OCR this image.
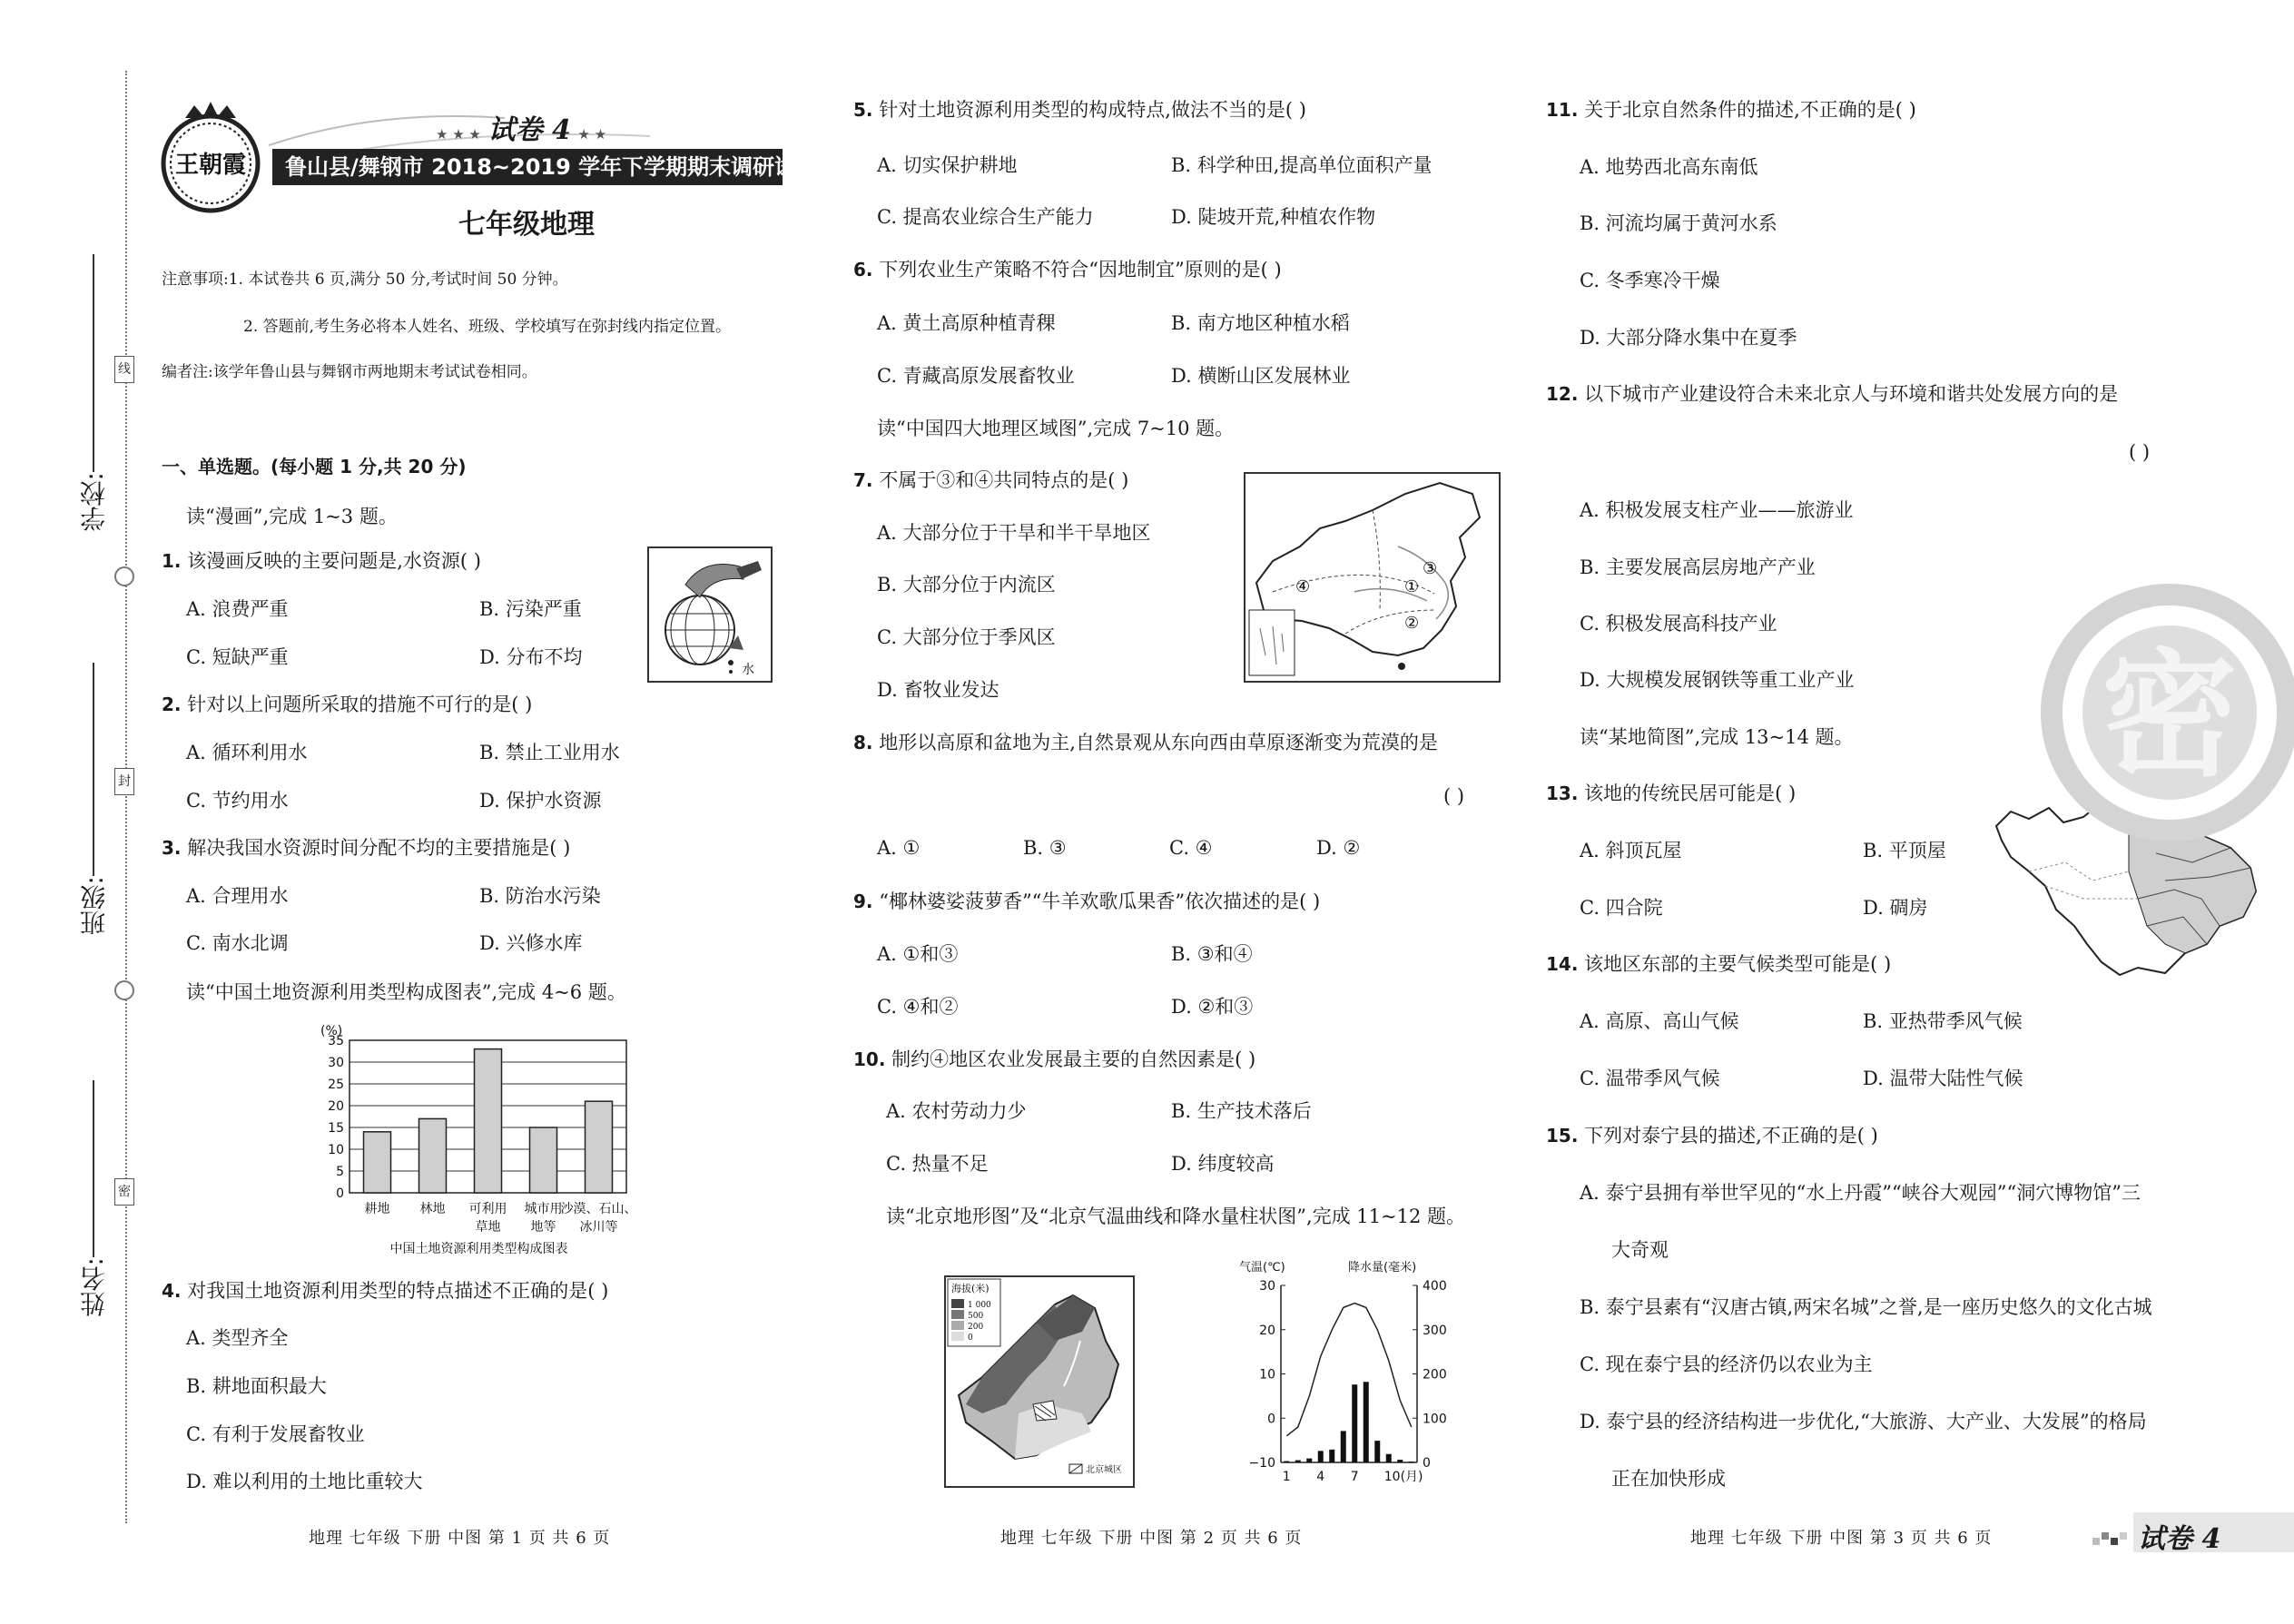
线
封
密
学校:
班级:
姓名:
王朝霞
★ ★ ★ 试卷 4 ★ ★
鲁山县/舞钢市 2018~2019 学年下学期期末调研试卷
七年级地理
注意事项:1. 本试卷共 6 页,满分 50 分,考试时间 50 分钟。
2. 答题前,考生务必将本人姓名、班级、学校填写在弥封线内指定位置。
编者注:该学年鲁山县与舞钢市两地期末考试试卷相同。
一、单选题。(每小题 1 分,共 20 分)
读“漫画”,完成 1~3 题。
1. 该漫画反映的主要问题是,水资源( )
A. 浪费严重	B. 污染严重
C. 短缺严重	D. 分布不均
水
2. 针对以上问题所采取的措施不可行的是( )
A. 循环利用水	B. 禁止工业用水
C. 节约用水	D. 保护水资源
3. 解决我国水资源时间分配不均的主要措施是( )
A. 合理用水	B. 防治水污染
C. 南水北调	D. 兴修水库
读“中国土地资源利用类型构成图表”,完成 4~6 题。
(%)
35
30
25
20
15
10
5
0
耕地 林地 可利用
草地
城市用
地等
沙漠、石山、
冰川等
中国土地资源利用类型构成图表
4. 对我国土地资源利用类型的特点描述不正确的是( )
A. 类型齐全
B. 耕地面积最大
C. 有利于发展畜牧业
D. 难以利用的土地比重较大
5. 针对土地资源利用类型的构成特点,做法不当的是( )
A. 切实保护耕地	B. 科学种田,提高单位面积产量
C. 提高农业综合生产能力	D. 陡坡开荒,种植农作物
6. 下列农业生产策略不符合“因地制宜”原则的是( )
A. 黄土高原种植青稞	B. 南方地区种植水稻
C. 青藏高原发展畜牧业	D. 横断山区发展林业
读“中国四大地理区域图”,完成 7~10 题。
7. 不属于③和④共同特点的是( )
A. 大部分位于干旱和半干旱地区
B. 大部分位于内流区
C. 大部分位于季风区
D. 畜牧业发达
③
①
②
④
8. 地形以高原和盆地为主,自然景观从东向西由草原逐渐变为荒漠的是
( )
A. ①	B. ③	C. ④	D. ②
9. “椰林婆娑菠萝香”“牛羊欢歌瓜果香”依次描述的是( )
A. ①和③	B. ③和④
C. ④和②	D. ②和③
10. 制约④地区农业发展最主要的自然因素是( )
A. 农村劳动力少	B. 生产技术落后
C. 热量不足	D. 纬度较高
读“北京地形图”及“北京气温曲线和降水量柱状图”,完成 11~12 题。
海拔(米)
1 000
500
200
0
北京城区
气温(℃)	降水量(毫米)
30
20
10
0
−10
400
300
200
100
0
1 4 7 10(月)
11. 关于北京自然条件的描述,不正确的是( )
A. 地势西北高东南低
B. 河流均属于黄河水系
C. 冬季寒冷干燥
D. 大部分降水集中在夏季
12. 以下城市产业建设符合未来北京人与环境和谐共处发展方向的是
( )
A. 积极发展支柱产业——旅游业
B. 主要发展高层房地产产业
C. 积极发展高科技产业
D. 大规模发展钢铁等重工业产业
读“某地简图”,完成 13~14 题。
13. 该地的传统民居可能是( )
A. 斜顶瓦屋	B. 平顶屋
C. 四合院	D. 碉房
14. 该地区东部的主要气候类型可能是( )
A. 高原、高山气候	B. 亚热带季风气候
C. 温带季风气候	D. 温带大陆性气候
15. 下列对泰宁县的描述,不正确的是( )
A. 泰宁县拥有举世罕见的“水上丹霞”“峡谷大观园”“洞穴博物馆”三
大奇观
B. 泰宁县素有“汉唐古镇,两宋名城”之誉,是一座历史悠久的文化古城
C. 现在泰宁县的经济仍以农业为主
D. 泰宁县的经济结构进一步优化,“大旅游、大产业、大发展”的格局
正在加快形成
密
地理 七年级 下册 中图 第 1 页 共 6 页	地理 七年级 下册 中图 第 2 页 共 6 页	地理 七年级 下册 中图 第 3 页 共 6 页	试卷 4
